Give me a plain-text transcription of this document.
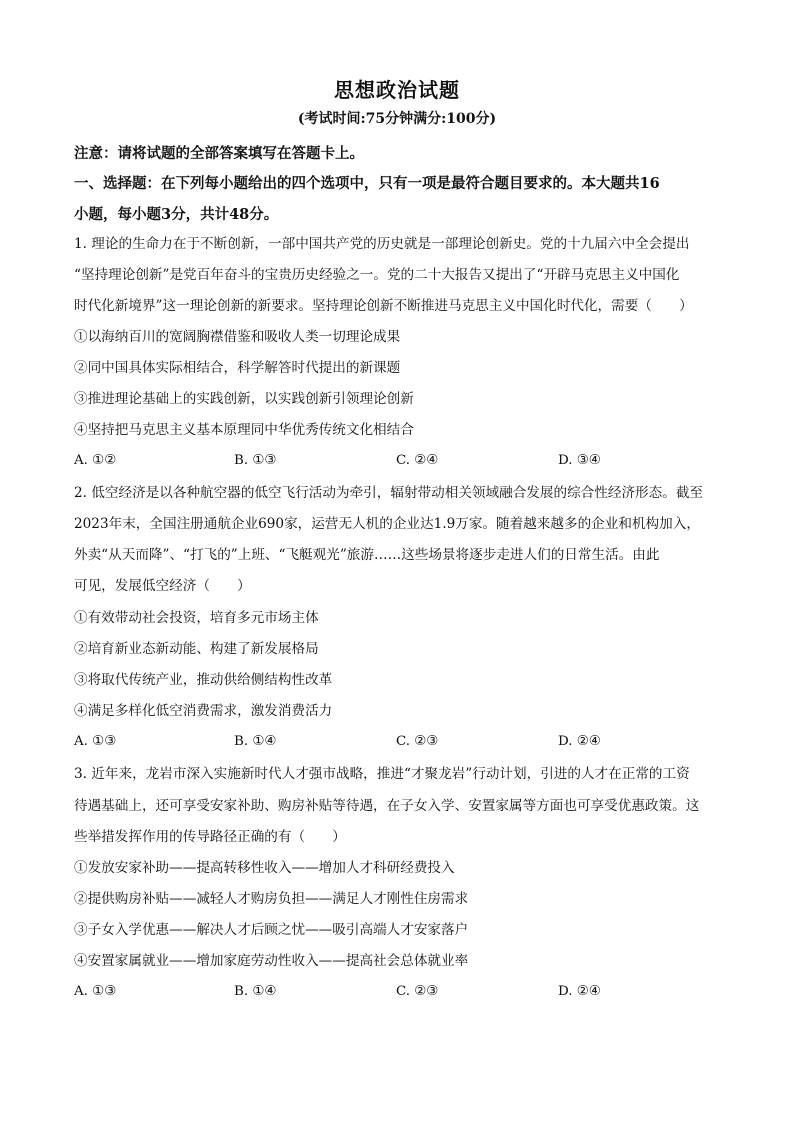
思想政治试题
(考试时间:75分钟满分:100分)
注意：请将试题的全部答案填写在答题卡上。
一、选择题：在下列每小题给出的四个选项中，只有一项是最符合题目要求的。本大题共16
小题，每小题3分，共计48分。
1. 理论的生命力在于不断创新，一部中国共产党的历史就是一部理论创新史。党的十九届六中全会提出
“坚持理论创新”是党百年奋斗的宝贵历史经验之一。党的二十大报告又提出了“开辟马克思主义中国化
时代化新境界”这一理论创新的新要求。坚持理论创新不断推进马克思主义中国化时代化，需要（　　）
①以海纳百川的宽阔胸襟借鉴和吸收人类一切理论成果
②同中国具体实际相结合，科学解答时代提出的新课题
③推进理论基础上的实践创新，以实践创新引领理论创新
④坚持把马克思主义基本原理同中华优秀传统文化相结合
A. ①②	B. ①③	C. ②④	D. ③④
2. 低空经济是以各种航空器的低空飞行活动为牵引，辐射带动相关领域融合发展的综合性经济形态。截至
2023年末，全国注册通航企业690家，运营无人机的企业达1.9万家。随着越来越多的企业和机构加入，
外卖“从天而降”、“打飞的”上班、“飞艇观光”旅游……这些场景将逐步走进人们的日常生活。由此
可见，发展低空经济（　　）
①有效带动社会投资，培育多元市场主体
②培育新业态新动能、构建了新发展格局
③将取代传统产业，推动供给侧结构性改革
④满足多样化低空消费需求，激发消费活力
A. ①③	B. ①④	C. ②③	D. ②④
3. 近年来，龙岩市深入实施新时代人才强市战略，推进“才聚龙岩”行动计划，引进的人才在正常的工资
待遇基础上，还可享受安家补助、购房补贴等待遇，在子女入学、安置家属等方面也可享受优惠政策。这
些举措发挥作用的传导路径正确的有（　　）
①发放安家补助——提高转移性收入——增加人才科研经费投入
②提供购房补贴——减轻人才购房负担——满足人才刚性住房需求
③子女入学优惠——解决人才后顾之忧——吸引高端人才安家落户
④安置家属就业——增加家庭劳动性收入——提高社会总体就业率
A. ①③	B. ①④	C. ②③	D. ②④
